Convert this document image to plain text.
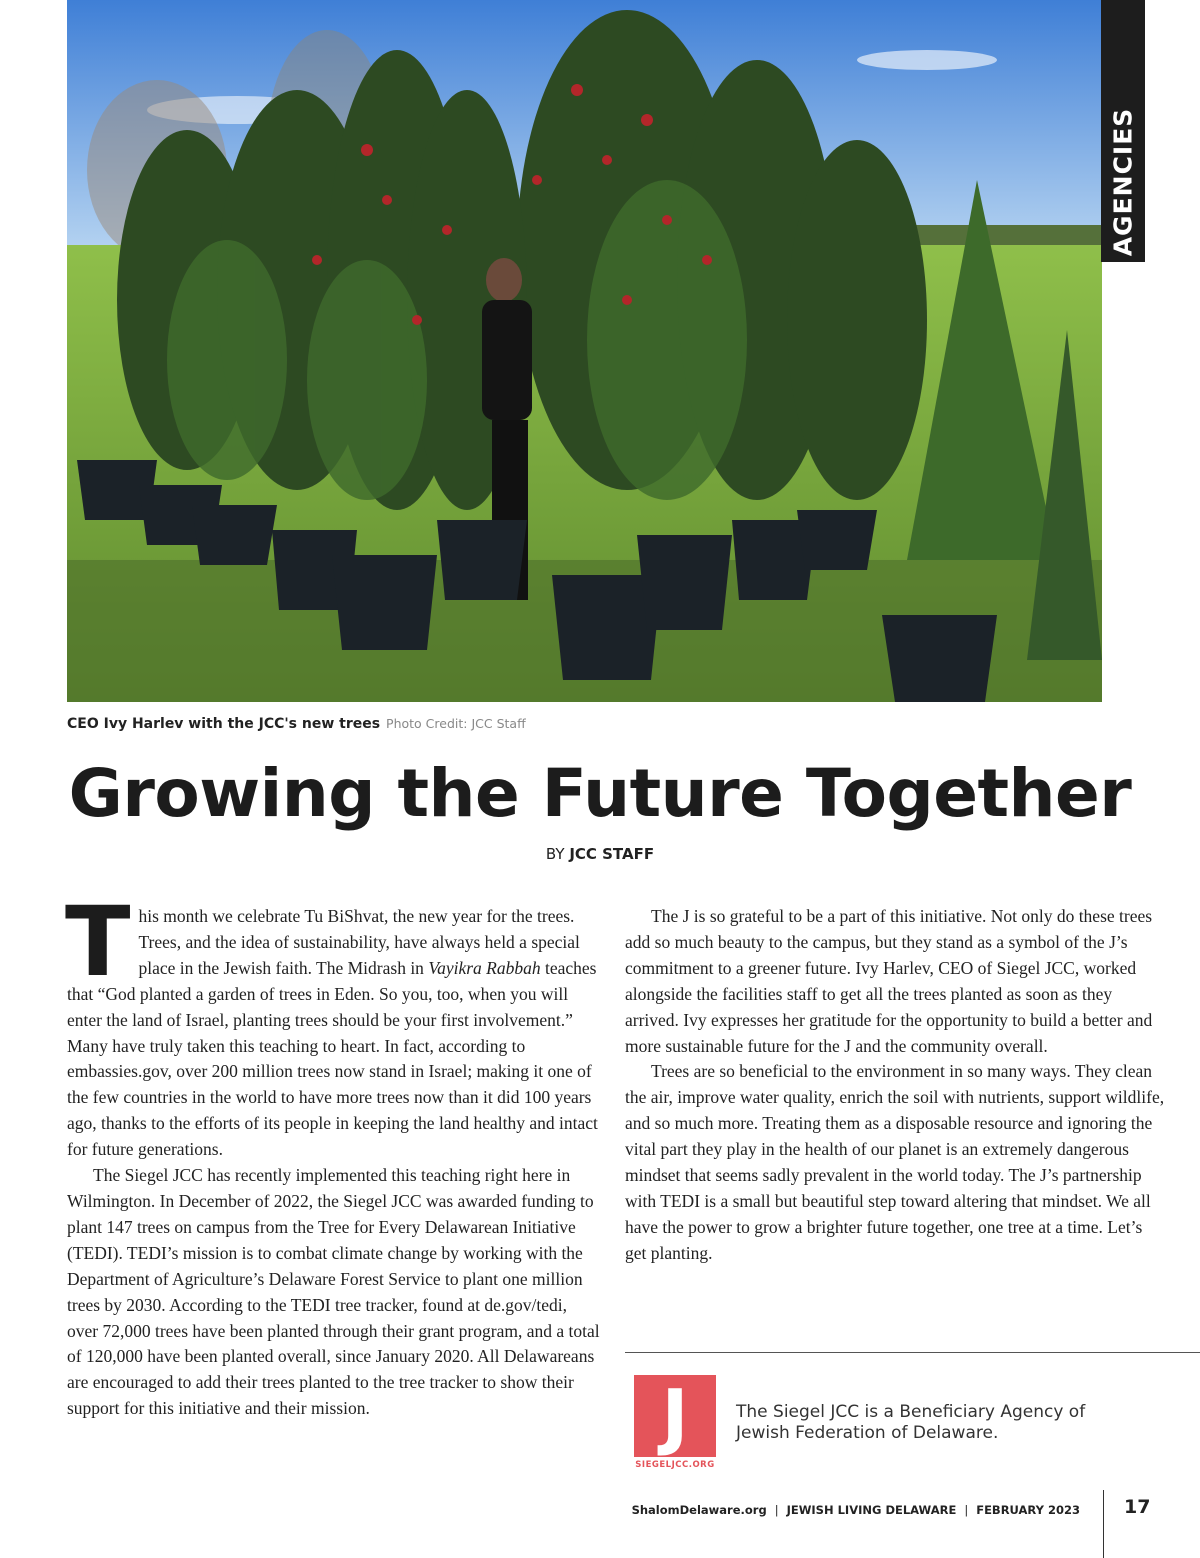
AGENCIES
CEO Ivy Harlev with the JCC's new trees Photo Credit: JCC Staff
Growing the Future Together
BY JCC STAFF

This month we celebrate Tu BiShvat, the new year for the trees. Trees, and the idea of sustainability, have always held a special place in the Jewish faith. The Midrash in Vayikra Rabbah teaches that “God planted a garden of trees in Eden. So you, too, when you will enter the land of Israel, planting trees should be your first involvement.” Many have truly taken this teaching to heart. In fact, according to embassies.gov, over 200 million trees now stand in Israel; making it one of the few countries in the world to have more trees now than it did 100 years ago, thanks to the efforts of its people in keeping the land healthy and intact for future generations.

The Siegel JCC has recently implemented this teaching right here in Wilmington. In December of 2022, the Siegel JCC was awarded funding to plant 147 trees on campus from the Tree for Every Delawarean Initiative (TEDI). TEDI’s mission is to combat climate change by working with the Department of Agriculture’s Delaware Forest Service to plant one million trees by 2030. According to the TEDI tree tracker, found at de.gov/tedi, over 72,000 trees have been planted through their grant program, and a total of 120,000 have been planted overall, since January 2020. All Delawareans are encouraged to add their trees planted to the tree tracker to show their support for this initiative and their mission.

The J is so grateful to be a part of this initiative. Not only do these trees add so much beauty to the campus, but they stand as a symbol of the J’s commitment to a greener future. Ivy Harlev, CEO of Siegel JCC, worked alongside the facilities staff to get all the trees planted as soon as they arrived. Ivy expresses her gratitude for the opportunity to build a better and more sustainable future for the J and the community overall.

Trees are so beneficial to the environment in so many ways. They clean the air, improve water quality, enrich the soil with nutrients, support wildlife, and so much more. Treating them as a disposable resource and ignoring the vital part they play in the health of our planet is an extremely dangerous mindset that seems sadly prevalent in the world today. The J’s partnership with TEDI is a small but beautiful step toward altering that mindset. We all have the power to grow a brighter future together, one tree at a time. Let’s get planting.

J
SIEGELJCC.ORG
The Siegel JCC is a Beneficiary Agency of Jewish Federation of Delaware.
ShalomDelaware.org | JEWISH LIVING DELAWARE | FEBRUARY 2023 17
